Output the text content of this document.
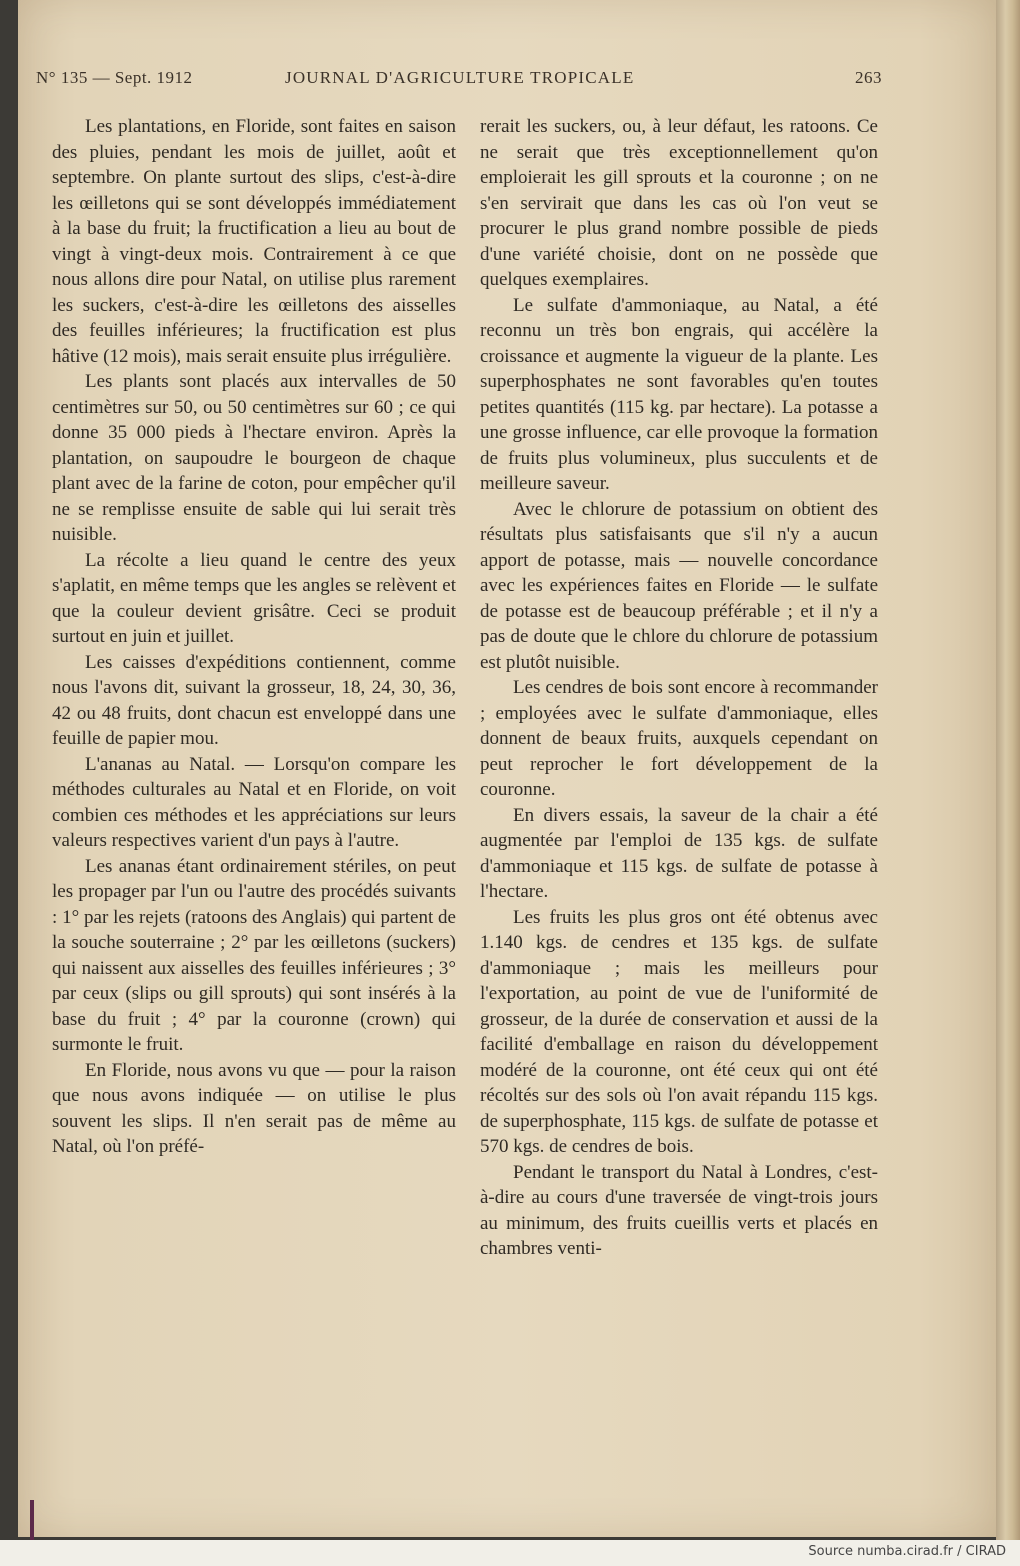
N° 135 — Sept. 1912	JOURNAL D'AGRICULTURE TROPICALE	263

Les plantations, en Floride, sont faites en saison des pluies, pendant les mois de juillet, août et septembre. On plante surtout des slips, c'est-à-dire les œilletons qui se sont développés immédiatement à la base du fruit; la fructification a lieu au bout de vingt à vingt-deux mois. Contrairement à ce que nous allons dire pour Natal, on utilise plus rarement les suckers, c'est-à-dire les œilletons des aisselles des feuilles inférieures; la fructification est plus hâtive (12 mois), mais serait ensuite plus irrégulière.

Les plants sont placés aux intervalles de 50 centimètres sur 50, ou 50 centimètres sur 60 ; ce qui donne 35 000 pieds à l'hectare environ. Après la plantation, on saupoudre le bourgeon de chaque plant avec de la farine de coton, pour empêcher qu'il ne se remplisse ensuite de sable qui lui serait très nuisible.

La récolte a lieu quand le centre des yeux s'aplatit, en même temps que les angles se relèvent et que la couleur devient grisâtre. Ceci se produit surtout en juin et juillet.

Les caisses d'expéditions contiennent, comme nous l'avons dit, suivant la grosseur, 18, 24, 30, 36, 42 ou 48 fruits, dont chacun est enveloppé dans une feuille de papier mou.

L'ananas au Natal. — Lorsqu'on compare les méthodes culturales au Natal et en Floride, on voit combien ces méthodes et les appréciations sur leurs valeurs respectives varient d'un pays à l'autre.

Les ananas étant ordinairement stériles, on peut les propager par l'un ou l'autre des procédés suivants : 1° par les rejets (ratoons des Anglais) qui partent de la souche souterraine ; 2° par les œilletons (suckers) qui naissent aux aisselles des feuilles inférieures ; 3° par ceux (slips ou gill sprouts) qui sont insérés à la base du fruit ; 4° par la couronne (crown) qui surmonte le fruit.

En Floride, nous avons vu que — pour la raison que nous avons indiquée — on utilise le plus souvent les slips. Il n'en serait pas de même au Natal, où l'on préfé-

rerait les suckers, ou, à leur défaut, les ratoons. Ce ne serait que très exceptionnellement qu'on emploierait les gill sprouts et la couronne ; on ne s'en servirait que dans les cas où l'on veut se procurer le plus grand nombre possible de pieds d'une variété choisie, dont on ne possède que quelques exemplaires.

Le sulfate d'ammoniaque, au Natal, a été reconnu un très bon engrais, qui accélère la croissance et augmente la vigueur de la plante. Les superphosphates ne sont favorables qu'en toutes petites quantités (115 kg. par hectare). La potasse a une grosse influence, car elle provoque la formation de fruits plus volumineux, plus succulents et de meilleure saveur.

Avec le chlorure de potassium on obtient des résultats plus satisfaisants que s'il n'y a aucun apport de potasse, mais — nouvelle concordance avec les expériences faites en Floride — le sulfate de potasse est de beaucoup préférable ; et il n'y a pas de doute que le chlore du chlorure de potassium est plutôt nuisible.

Les cendres de bois sont encore à recommander ; employées avec le sulfate d'ammoniaque, elles donnent de beaux fruits, auxquels cependant on peut reprocher le fort développement de la couronne.

En divers essais, la saveur de la chair a été augmentée par l'emploi de 135 kgs. de sulfate d'ammoniaque et 115 kgs. de sulfate de potasse à l'hectare.

Les fruits les plus gros ont été obtenus avec 1.140 kgs. de cendres et 135 kgs. de sulfate d'ammoniaque ; mais les meilleurs pour l'exportation, au point de vue de l'uniformité de grosseur, de la durée de conservation et aussi de la facilité d'emballage en raison du développement modéré de la couronne, ont été ceux qui ont été récoltés sur des sols où l'on avait répandu 115 kgs. de superphosphate, 115 kgs. de sulfate de potasse et 570 kgs. de cendres de bois.

Pendant le transport du Natal à Londres, c'est-à-dire au cours d'une traversée de vingt-trois jours au minimum, des fruits cueillis verts et placés en chambres venti-

Source numba.cirad.fr / CIRAD
